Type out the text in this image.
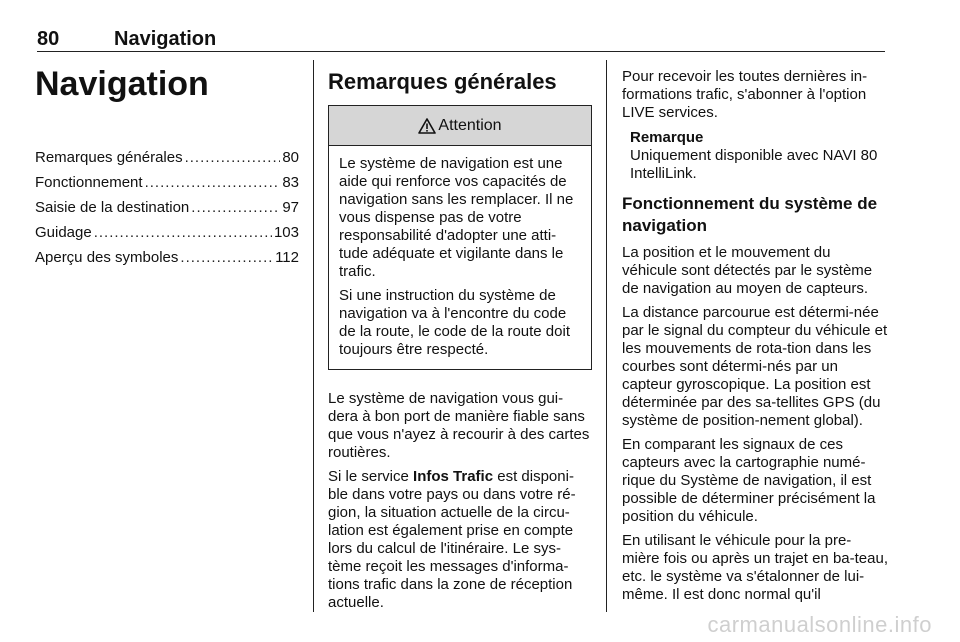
80	Navigation
Navigation
Remarques générales .....	80
Fonctionnement .....	83
Saisie de la destination .....	97
Guidage .....	103
Aperçu des symboles .....	112
Remarques générales
Attention

Le système de navigation est une aide qui renforce vos capacités de navigation sans les remplacer. Il ne vous dispense pas de votre responsabilité d'adopter une atti-tude adéquate et vigilante dans le trafic.

Si une instruction du système de navigation va à l'encontre du code de la route, le code de la route doit toujours être respecté.

Le système de navigation vous gui-dera à bon port de manière fiable sans que vous n'ayez à recourir à des cartes routières.

Si le service Infos Trafic est disponi-ble dans votre pays ou dans votre ré-gion, la situation actuelle de la circu-lation est également prise en compte lors du calcul de l'itinéraire. Le sys-tème reçoit les messages d'informa-tions trafic dans la zone de réception actuelle.

Pour recevoir les toutes dernières in-formations trafic, s'abonner à l'option LIVE services.

Remarque

Uniquement disponible avec NAVI 80 IntelliLink.

Fonctionnement du système de navigation

La position et le mouvement du véhicule sont détectés par le système de navigation au moyen de capteurs.

La distance parcourue est détermi-née par le signal du compteur du véhicule et les mouvements de rota-tion dans les courbes sont détermi-nés par un capteur gyroscopique. La position est déterminée par des sa-tellites GPS (du système de position-nement global).

En comparant les signaux de ces capteurs avec la cartographie numé-rique du Système de navigation, il est possible de déterminer précisément la position du véhicule.

En utilisant le véhicule pour la pre-mière fois ou après un trajet en ba-teau, etc. le système va s'étalonner de lui-même. Il est donc normal qu'il

carmanualsonline.info
